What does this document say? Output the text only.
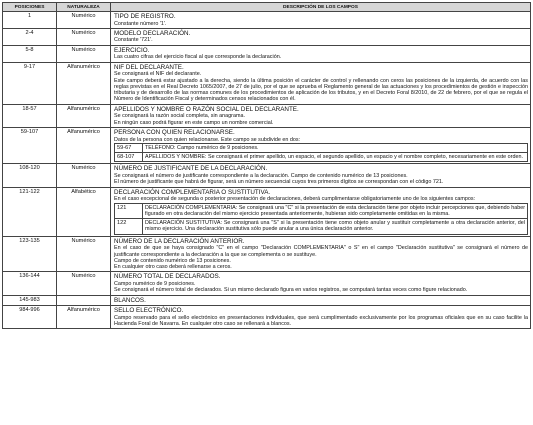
POSICIONES	NATURALEZA	DESCRIPCIÓN DE LOS CAMPOS
1	Numérico	TIPO DE REGISTRO.
Constante número '1'.

2-4	Numérico	MODELO DECLARACIÓN.
Constante '721'.

5-8	Numérico	EJERCICIO.
Las cuatro cifras del ejercicio fiscal al que corresponde la declaración.

9-17	Alfanumérico	NIF DEL DECLARANTE.
Se consignará el NIF del declarante.
Este campo deberá estar ajustado a la derecha, siendo la última posición el carácter de control y rellenando con ceros las posiciones de la izquierda, de acuerdo con las reglas previstas en el Real Decreto 1065/2007, de 27 de julio, por el que se aprueba el Reglamento general de las actuaciones y los procedimientos de gestión e inspección tributaria y de desarrollo de las normas comunes de los procedimientos de aplicación de los tributos, y en el Decreto Foral 8/2010, de 22 de febrero, por el que se regula el Número de Identificación Fiscal y determinados censos relacionados con él.

18-57	Alfanumérico	APELLIDOS Y NOMBRE O RAZÓN SOCIAL DEL DECLARANTE.
Se consignará la razón social completa, sin anagrama.
En ningún caso podrá figurar en este campo un nombre comercial.

59-107	Alfanumérico	PERSONA CON QUIEN RELACIONARSE.
Datos de la persona con quien relacionarse. Este campo se subdivide en dos:
59-67	TELÉFONO: Campo numérico de 9 posiciones.
68-107	APELLIDOS Y NOMBRE: Se consignará el primer apellido, un espacio, el segundo apellido, un espacio y el nombre completo, necesariamente en este orden.

108-120	Numérico	NÚMERO DE JUSTIFICANTE DE LA DECLARACIÓN.
Se consignará el número de justificante correspondiente a la declaración. Campo de contenido numérico de 13 posiciones.
El número de justificante que habrá de figurar, será un número secuencial cuyos tres primeros dígitos se correspondan con el código 721.

121-122	Alfabético	DECLARACIÓN COMPLEMENTARIA O SUSTITUTIVA.
En el caso excepcional de segunda o posterior presentación de declaraciones, deberá cumplimentarse obligatoriamente uno de los siguientes campos:
121	DECLARACIÓN COMPLEMENTARIA: Se consignará una "C" si la presentación de esta declaración tiene por objeto incluir percepciones que, debiendo haber figurado en otra declaración del mismo ejercicio presentada anteriormente, hubieran sido completamente omitidas en la misma.
122	DECLARACIÓN SUSTITUTIVA: Se consignará una "S" si la presentación tiene como objeto anular y sustituir completamente a otra declaración anterior, del mismo ejercicio. Una declaración sustitutiva sólo puede anular a una única declaración anterior.

123-135	Numérico	NÚMERO DE LA DECLARACIÓN ANTERIOR.
En el caso de que se haya consignado "C" en el campo "Declaración COMPLEMENTARIA" o S" en el campo "Declaración sustitutiva" se consignará el número de justificante correspondiente a la declaración a la que se complementa o se sustituye.
Campo de contenido numérico de 13 posiciones.
En cualquier otro caso deberá rellenarse a ceros.

136-144	Numérico	NÚMERO TOTAL DE DECLARADOS.
Campo numérico de 9 posiciones.
Se consignará el número total de declarados. Si un mismo declarado figura en varios registros, se computará tantas veces como figure relacionado.

145-983		BLANCOS.

984-996	Alfanumérico	SELLO ELECTRÓNICO.
Campo reservado para el sello electrónico en presentaciones individuales, que será cumplimentado exclusivamente por los programas oficiales que en su caso facilite la Hacienda Foral de Navarra. En cualquier otro caso se rellenará a blancos.
